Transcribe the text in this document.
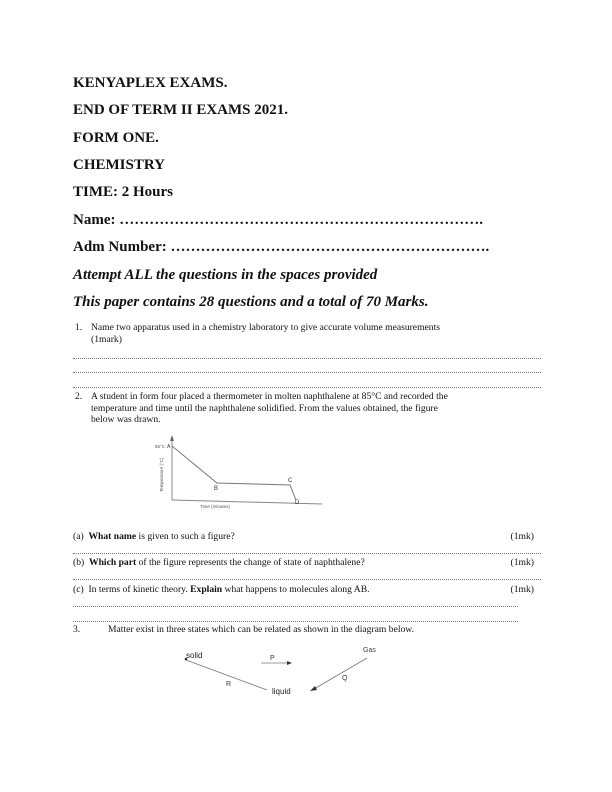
KENYAPLEX EXAMS.
END OF TERM II EXAMS 2021.
FORM ONE.
CHEMISTRY
TIME: 2 Hours
Name: ……………………………………………………………….
Adm Number: ……………………………………………………….
Attempt ALL the questions in the spaces provided
This paper contains 28 questions and a total of 70 Marks.
1. Name two apparatus used in a chemistry laboratory to give accurate volume measurements
(1mark)
2. A student in form four placed a thermometer in molten naphthalene at 85°C and recorded the
temperature and time until the naphthalene solidified. From the values obtained, the figure
below was drawn.
85°C A
Temperature (°C)
Time (minutes)
B
C
D
(a) What name is given to such a figure?	(1mk)
(b) Which part of the figure represents the change of state of naphthalene?	(1mk)
(c) In terms of kinetic theory. Explain what happens to molecules along AB.	(1mk)
3.	Matter exist in three states which can be related as shown in the diagram below.
solid
Gas
liquid
P
Q
R
